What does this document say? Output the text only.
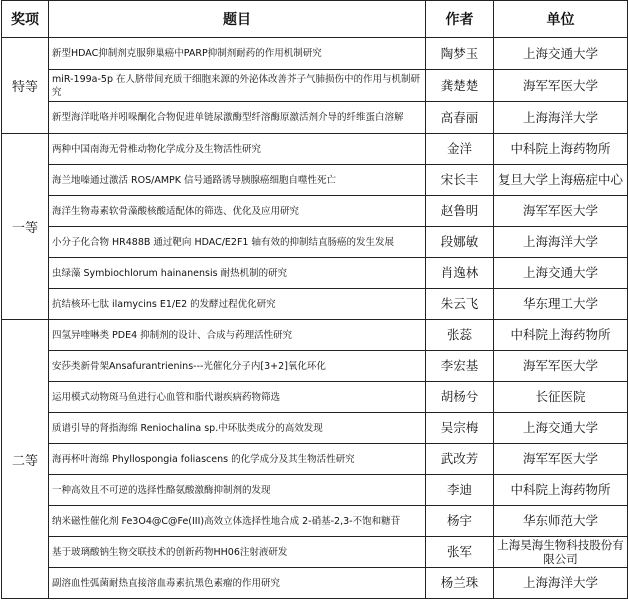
奖项	题目	作者	单位
特等	新型HDAC抑制剂克服卵巢癌中PARP抑制剂耐药的作用机制研究	陶梦玉	上海交通大学
	miR-199a-5p 在人脐带间充质干细胞来源的外泌体改善芥子气肺损伤中的作用与机制研究	龚楚楚	海军军医大学
	新型海洋吡咯并吲哚酮化合物促进单链尿激酶型纤溶酶原激活剂介导的纤维蛋白溶解	高春丽	上海海洋大学
一等	两种中国南海无骨椎动物化学成分及生物活性研究	金洋	中科院上海药物所
	海兰地嗪通过激活 ROS/AMPK 信号通路诱导胰腺癌细胞自噬性死亡	宋长丰	复旦大学上海癌症中心
	海洋生物毒素软骨藻酸核酸适配体的筛选、优化及应用研究	赵鲁明	海军军医大学
	小分子化合物 HR488B 通过靶向 HDAC/E2F1 轴有效的抑制结直肠癌的发生发展	段娜敏	上海海洋大学
	虫绿藻 Symbiochlorum hainanensis 耐热机制的研究	肖逸林	上海交通大学
	抗结核环七肽 ilamycins E1/E2 的发酵过程优化研究	朱云飞	华东理工大学
二等	四氢异喹啉类 PDE4 抑制剂的设计、合成与药理活性研究	张蕊	中科院上海药物所
	安莎类新骨架Ansafurantrienins---光催化分子内[3+2]氧化环化	李宏基	海军军医大学
	运用模式动物斑马鱼进行心血管和脂代谢疾病药物筛选	胡杨兮	长征医院
	质谱引导的肾指海绵 Reniochalina sp.中环肽类成分的高效发现	吴宗梅	上海交通大学
	海再杯叶海绵 Phyllospongia foliascens 的化学成分及其生物活性研究	武改芳	海军军医大学
	一种高效且不可逆的选择性酪氨酸激酶抑制剂的发现	李迪	中科院上海药物所
	纳米磁性催化剂 Fe3O4@C@Fe(III)高效立体选择性地合成 2-硝基-2,3-不饱和糖苷	杨宇	华东师范大学
	基于玻璃酸钠生物交联技术的创新药物HH06注射液研发	张军	上海昊海生物科技股份有限公司
	副溶血性弧菌耐热直接溶血毒素抗黑色素瘤的作用研究	杨兰珠	上海海洋大学
